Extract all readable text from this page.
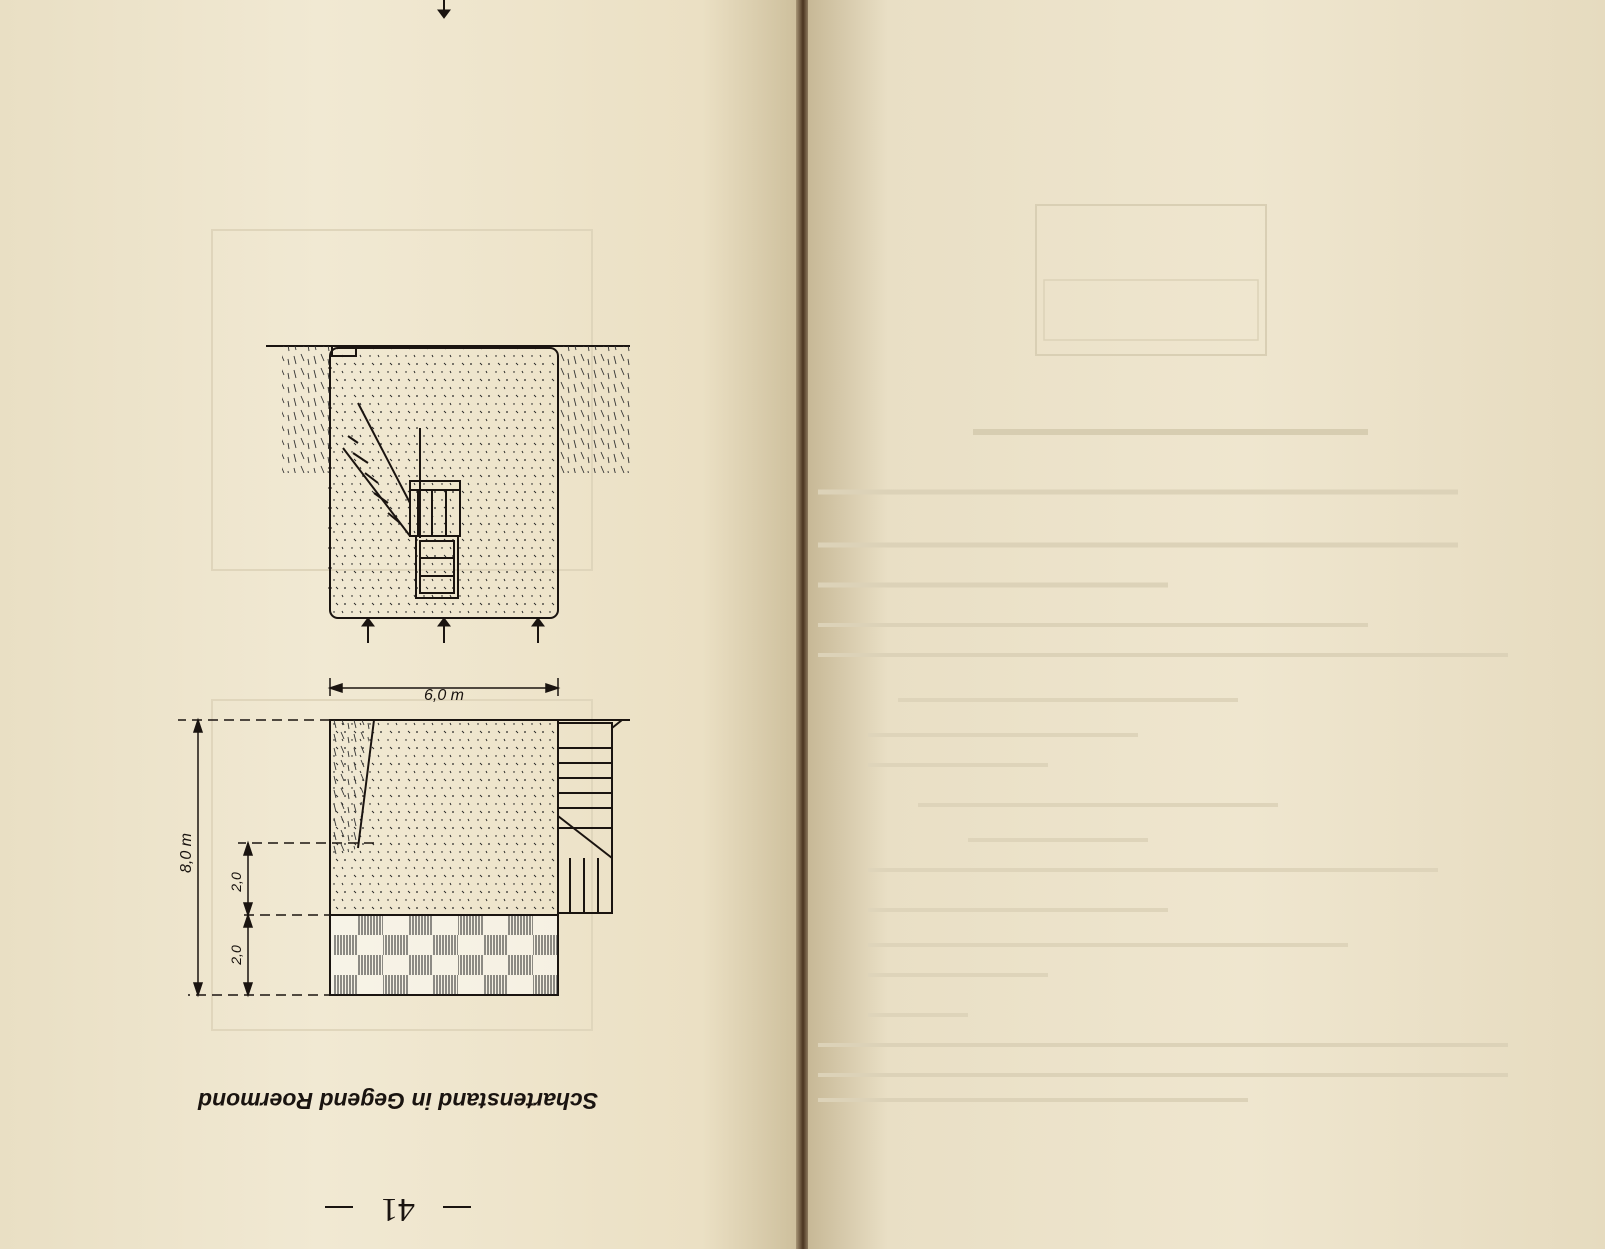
41
Schartenstand in Gegend Roermond
6,0 m
8,0 m
2,0
2,0
